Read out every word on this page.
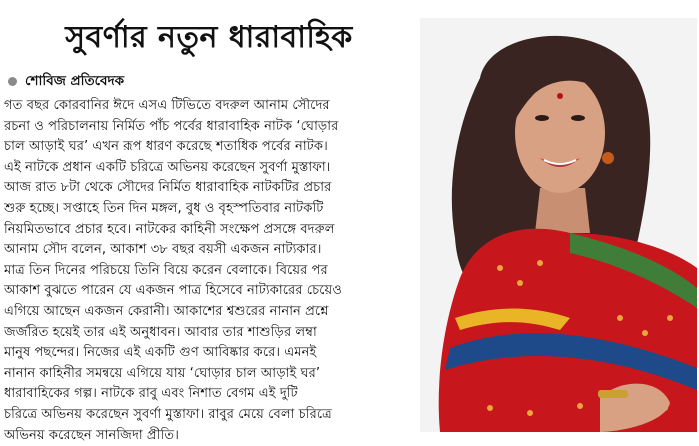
সুবর্ণার নতুন ধারাবাহিক
শোবিজ প্রতিবেদক
গত বছর কোরবানির ঈদে এসএ টিভিতে বদরুল আনাম সৌদের
রচনা ও পরিচালনায় নির্মিত পাঁচ পর্বের ধারাবাহিক নাটক ‘ঘোড়ার
চাল আড়াই ঘর’ এখন রূপ ধারণ করেছে শতাধিক পর্বের নাটক।
এই নাটকে প্রধান একটি চরিত্রে অভিনয় করেছেন সুবর্ণা মুস্তাফা।
আজ রাত ৮টা থেকে সৌদের নির্মিত ধারাবাহিক নাটকটির প্রচার
শুরু হচ্ছে। সপ্তাহে তিন দিন মঙ্গল, বুধ ও বৃহস্পতিবার নাটকটি
নিয়মিতভাবে প্রচার হবে। নাটকের কাহিনী সংক্ষেপ প্রসঙ্গে বদরুল
আনাম সৌদ বলেন, আকাশ ৩৮ বছর বয়সী একজন নাট্যকার।
মাত্র তিন দিনের পরিচয়ে তিনি বিয়ে করেন বেলাকে। বিয়ের পর
আকাশ বুঝতে পারেন যে একজন পাত্র হিসেবে নাট্যকারের চেয়েও
এগিয়ে আছেন একজন কেরানী। আকাশের শ্বশুরের নানান প্রশ্নে
জর্জরিত হয়েই তার এই অনুধাবন। আবার তার শাশুড়ির লম্বা
মানুষ পছন্দের। নিজের এই একটি গুণ আবিষ্কার করে। এমনই
নানান কাহিনীর সমন্বয়ে এগিয়ে যায় ‘ঘোড়ার চাল আড়াই ঘর’
ধারাবাহিকের গল্প। নাটকে রাবু এবং নিশাত বেগম এই দুটি
চরিত্রে অভিনয় করেছেন সুবর্ণা মুস্তাফা। রাবুর মেয়ে বেলা চরিত্রে
অভিনয় করেছেন সানজিদা প্রীতি।
